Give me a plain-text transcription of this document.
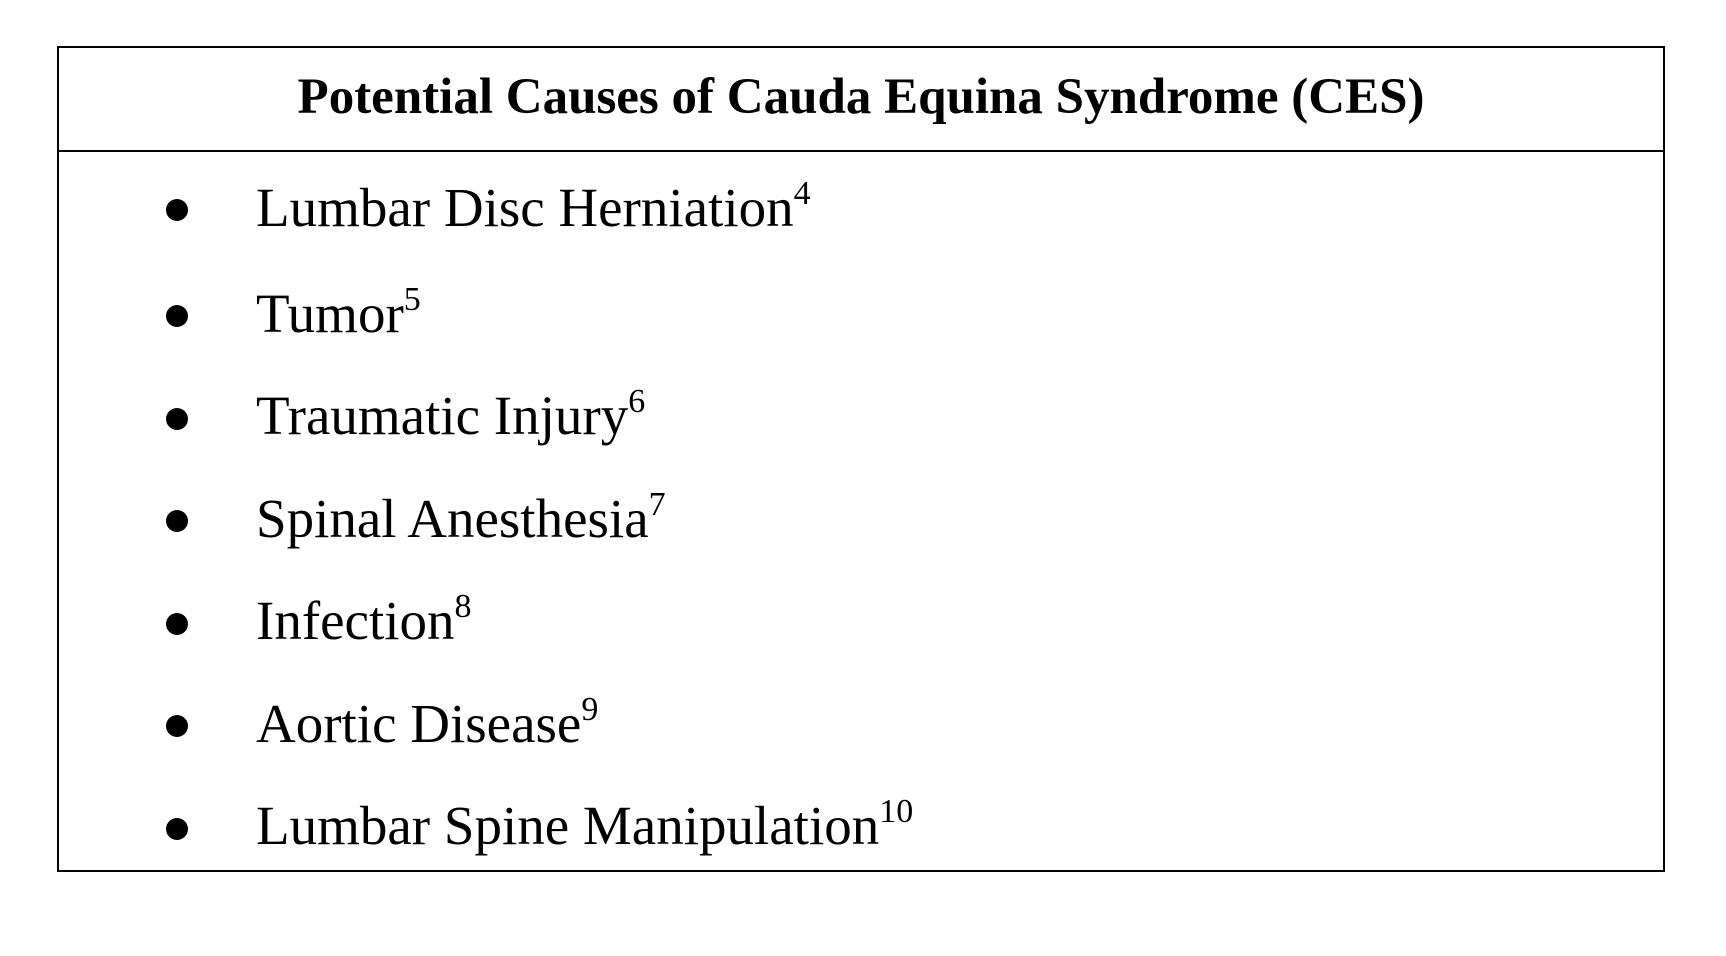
Potential Causes of Cauda Equina Syndrome (CES)
Lumbar Disc Herniation$^4$
Tumor$^5$
Traumatic Injury$^6$
Spinal Anesthesia$^7$
Infection$^8$
Aortic Disease$^9$
Lumbar Spine Manipulation$^{10}$
